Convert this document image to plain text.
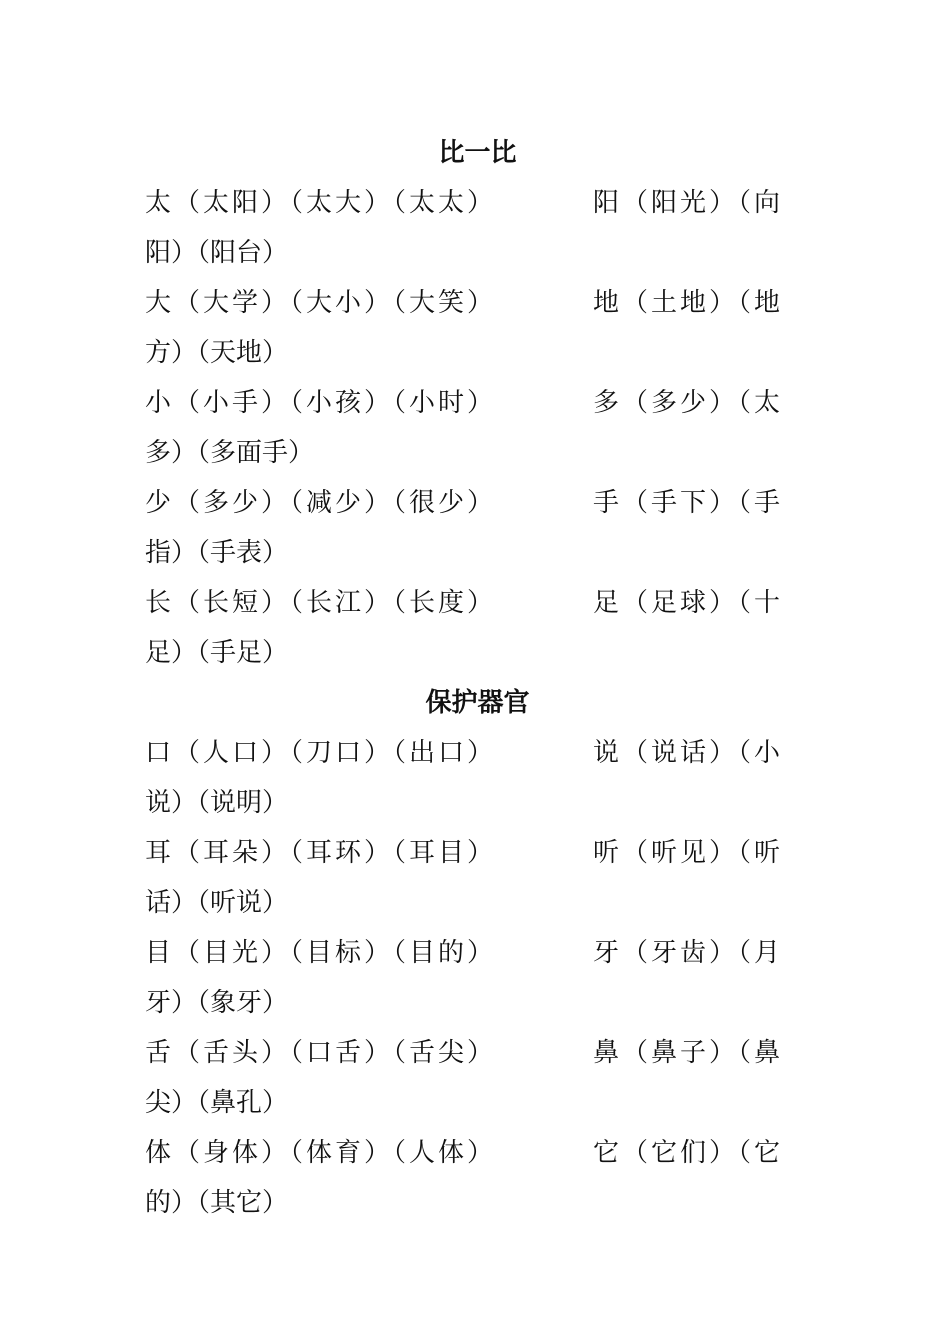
比一比
太（太阳）（太大）（太太）	阳（阳光）（向
阳）（阳台）
大（大学）（大小）（大笑）	地（土地）（地
方）（天地）
小（小手）（小孩）（小时）	多（多少）（太
多）（多面手）
少（多少）（减少）（很少）	手（手下）（手
指）（手表）
长（长短）（长江）（长度）	足（足球）（十
足）（手足）
保护器官
口（人口）（刀口）（出口）	说（说话）（小
说）（说明）
耳（耳朵）（耳环）（耳目）	听（听见）（听
话）（听说）
目（目光）（目标）（目的）	牙（牙齿）（月
牙）（象牙）
舌（舌头）（口舌）（舌尖）	鼻（鼻子）（鼻
尖）（鼻孔）
体（身体）（体育）（人体）	它（它们）（它
的）（其它）
